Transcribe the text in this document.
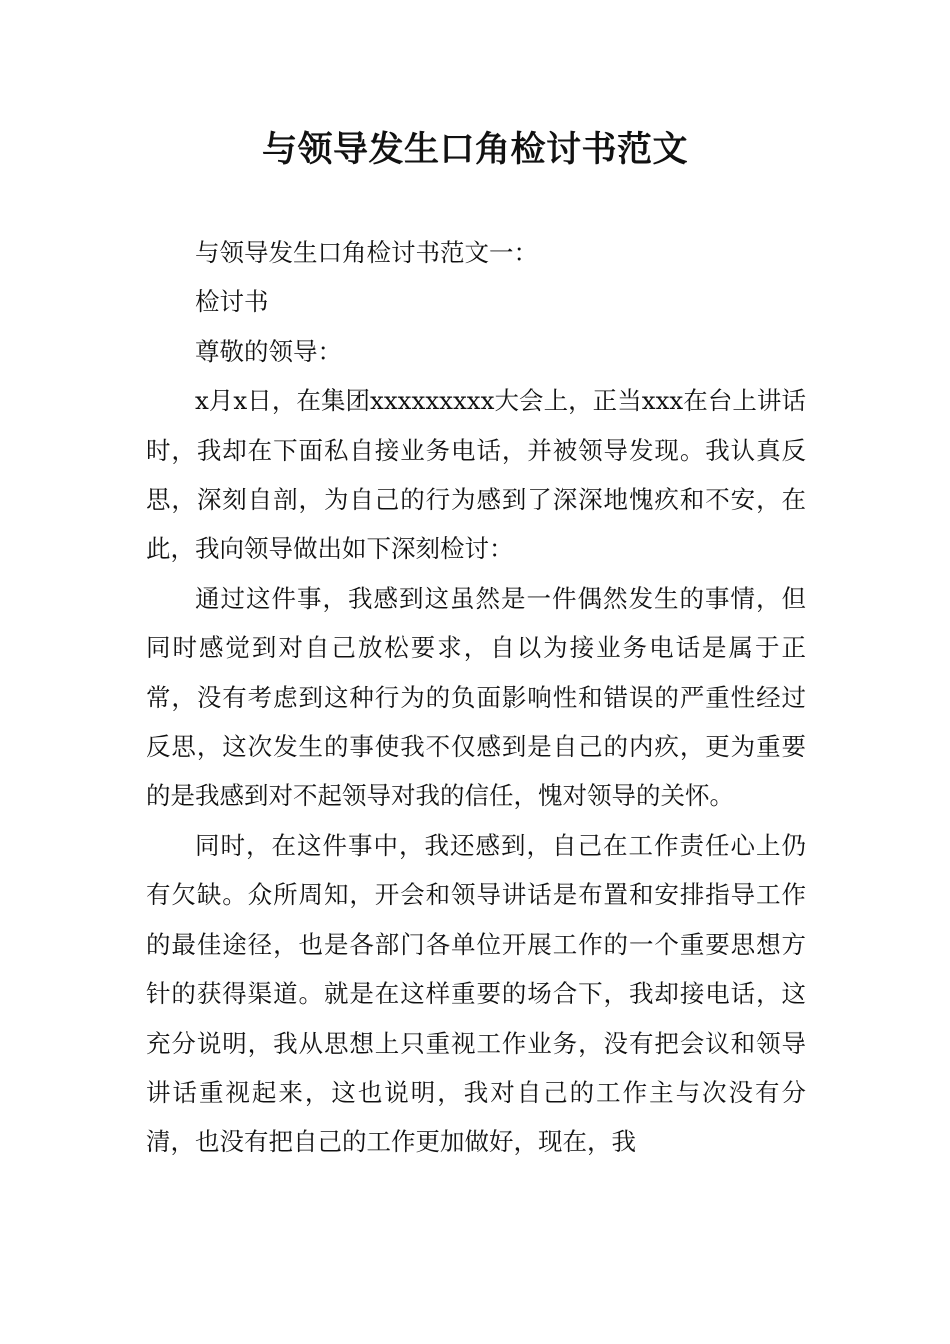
与领导发生口角检讨书范文

与领导发生口角检讨书范文一：

检讨书

尊敬的领导：

x月x日，在集团xxxxxxxxx大会上，正当xxx在台上讲话时，我却在下面私自接业务电话，并被领导发现。我认真反思，深刻自剖，为自己的行为感到了深深地愧疚和不安，在此，我向领导做出如下深刻检讨：

通过这件事，我感到这虽然是一件偶然发生的事情，但同时感觉到对自己放松要求，自以为接业务电话是属于正常，没有考虑到这种行为的负面影响性和错误的严重性经过反思，这次发生的事使我不仅感到是自己的内疚，更为重要的是我感到对不起领导对我的信任，愧对领导的关怀。

同时，在这件事中，我还感到，自己在工作责任心上仍有欠缺。众所周知，开会和领导讲话是布置和安排指导工作的最佳途径，也是各部门各单位开展工作的一个重要思想方针的获得渠道。就是在这样重要的场合下，我却接电话，这充分说明，我从思想上只重视工作业务，没有把会议和领导讲话重视起来，这也说明，我对自己的工作主与次没有分清，也没有把自己的工作更加做好，现在，我
